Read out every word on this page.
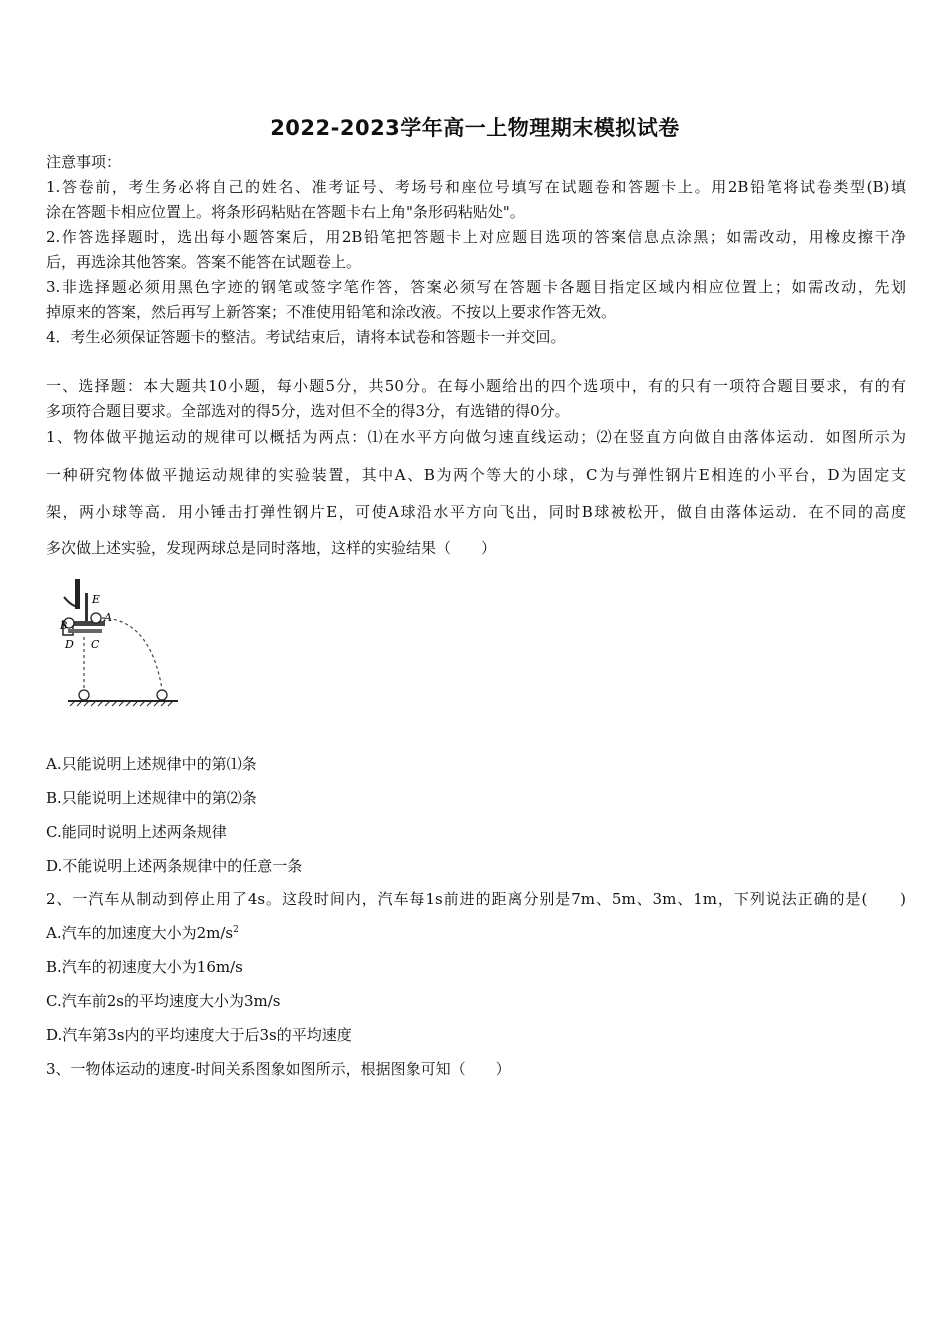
2022-2023学年高一上物理期末模拟试卷
注意事项：
1.答卷前，考生务必将自己的姓名、准考证号、考场号和座位号填写在试题卷和答题卡上。用2B铅笔将试卷类型(B)填
涂在答题卡相应位置上。将条形码粘贴在答题卡右上角"条形码粘贴处"。
2.作答选择题时，选出每小题答案后，用2B铅笔把答题卡上对应题目选项的答案信息点涂黑；如需改动，用橡皮擦干净
后，再选涂其他答案。答案不能答在试题卷上。
3.非选择题必须用黑色字迹的钢笔或签字笔作答，答案必须写在答题卡各题目指定区域内相应位置上；如需改动，先划
掉原来的答案，然后再写上新答案；不准使用铅笔和涂改液。不按以上要求作答无效。
4．考生必须保证答题卡的整洁。考试结束后，请将本试卷和答题卡一并交回。
一、选择题：本大题共10小题，每小题5分，共50分。在每小题给出的四个选项中，有的只有一项符合题目要求，有的有
多项符合题目要求。全部选对的得5分，选对但不全的得3分，有选错的得0分。
1、物体做平抛运动的规律可以概括为两点：⑴在水平方向做匀速直线运动；⑵在竖直方向做自由落体运动．如图所示为
一种研究物体做平抛运动规律的实验装置，其中A、B为两个等大的小球，C为与弹性钢片E相连的小平台，D为固定支
架，两小球等高．用小锤击打弹性钢片E，可使A球沿水平方向飞出，同时B球被松开，做自由落体运动．在不同的高度
多次做上述实验，发现两球总是同时落地，这样的实验结果（　　）
E
A
B
D C
A.只能说明上述规律中的第⑴条
B.只能说明上述规律中的第⑵条
C.能同时说明上述两条规律
D.不能说明上述两条规律中的任意一条
2、一汽车从制动到停止用了4s。这段时间内，汽车每1s前进的距离分别是7m、5m、3m、1m，下列说法正确的是(　　)
A.汽车的加速度大小为$2m/s^2$
B.汽车的初速度大小为16m/s
C.汽车前2s的平均速度大小为3m/s
D.汽车第3s内的平均速度大于后3s的平均速度
3、一物体运动的速度-时间关系图象如图所示，根据图象可知（　　）
